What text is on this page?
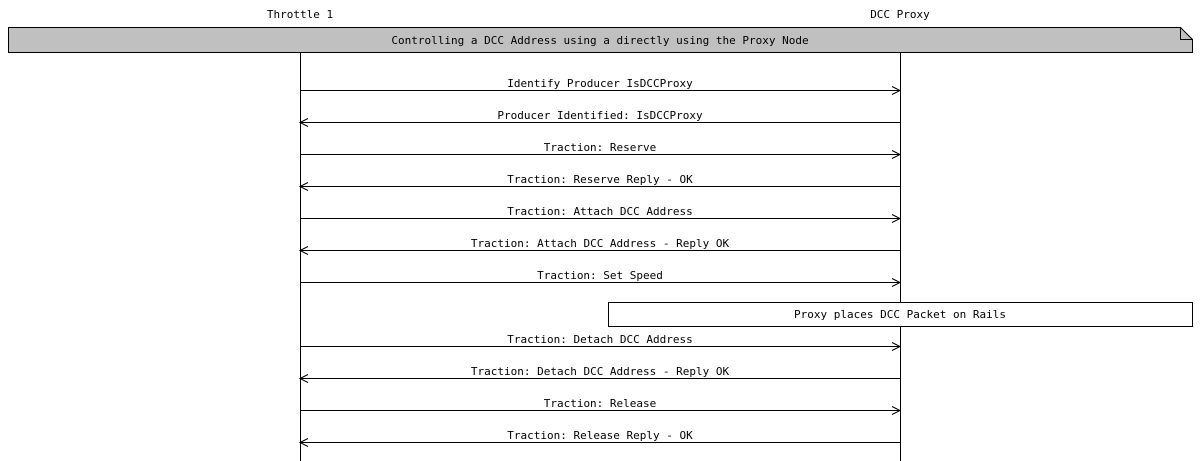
Throttle 1	DCC Proxy
Controlling a DCC Address using a directly using the Proxy Node
Identify Producer IsDCCProxy
Producer Identified: IsDCCProxy
Traction: Reserve
Traction: Reserve Reply - OK
Traction: Attach DCC Address
Traction: Attach DCC Address - Reply OK
Traction: Set Speed
Proxy places DCC Packet on Rails
Traction: Detach DCC Address
Traction: Detach DCC Address - Reply OK
Traction: Release
Traction: Release Reply - OK
